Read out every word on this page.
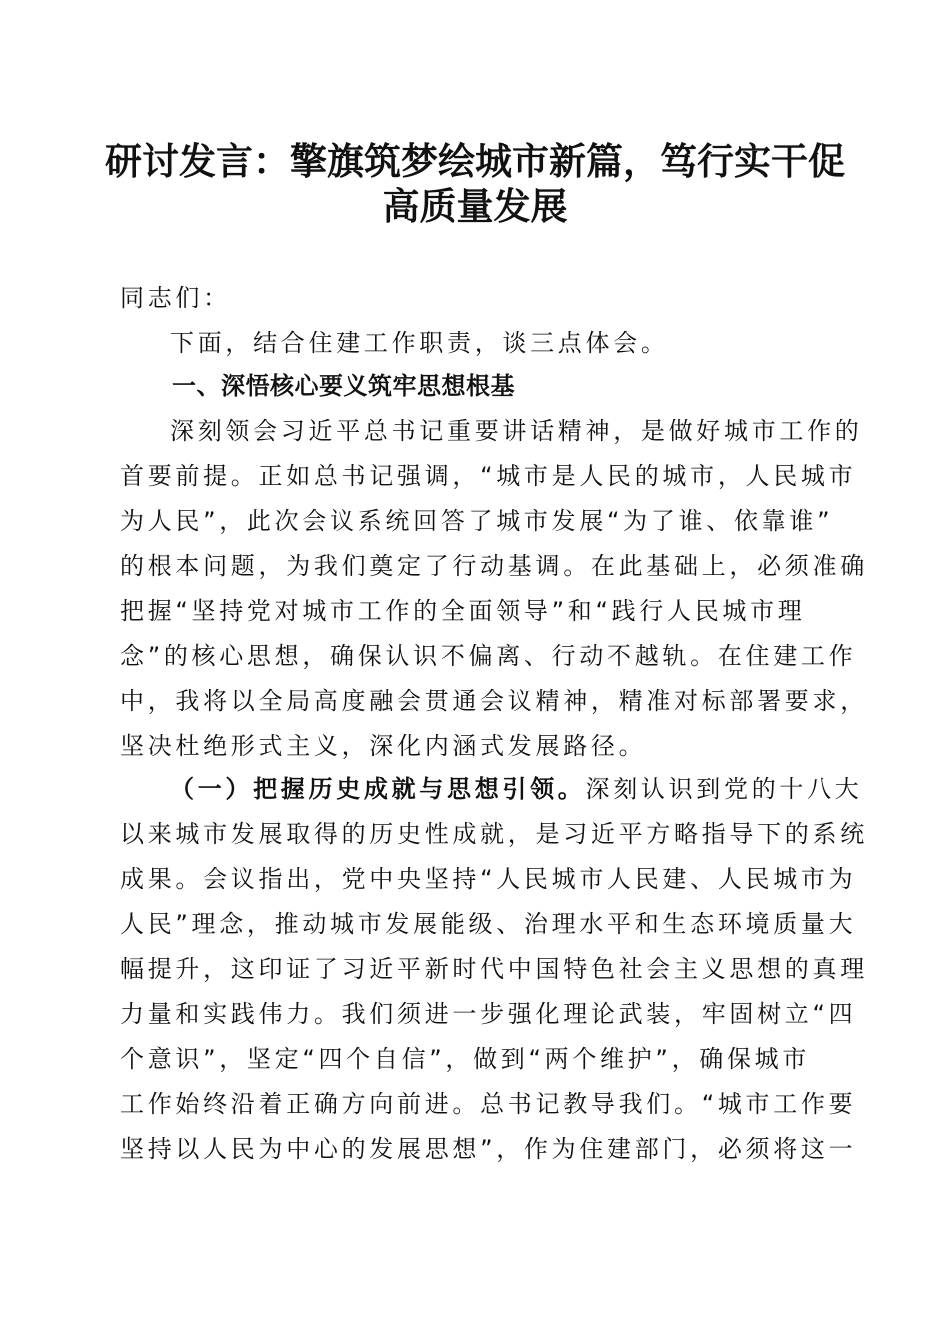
研讨发言：擎旗筑梦绘城市新篇，笃行实干促
高质量发展
同志们：
下面，结合住建工作职责，谈三点体会。
一、深悟核心要义筑牢思想根基
深刻领会习近平总书记重要讲话精神，是做好城市工作的
首要前提。正如总书记强调，“城市是人民的城市，人民城市
为人民”，此次会议系统回答了城市发展“为了谁、依靠谁”
的根本问题，为我们奠定了行动基调。在此基础上，必须准确
把握“坚持党对城市工作的全面领导”和“践行人民城市理
念”的核心思想，确保认识不偏离、行动不越轨。在住建工作
中，我将以全局高度融会贯通会议精神，精准对标部署要求，
坚决杜绝形式主义，深化内涵式发展路径。
（一）把握历史成就与思想引领。深刻认识到党的十八大
以来城市发展取得的历史性成就，是习近平方略指导下的系统
成果。会议指出，党中央坚持“人民城市人民建、人民城市为
人民”理念，推动城市发展能级、治理水平和生态环境质量大
幅提升，这印证了习近平新时代中国特色社会主义思想的真理
力量和实践伟力。我们须进一步强化理论武装，牢固树立“四
个意识”，坚定“四个自信”，做到“两个维护”，确保城市
工作始终沿着正确方向前进。总书记教导我们。“城市工作要
坚持以人民为中心的发展思想”，作为住建部门，必须将这一
